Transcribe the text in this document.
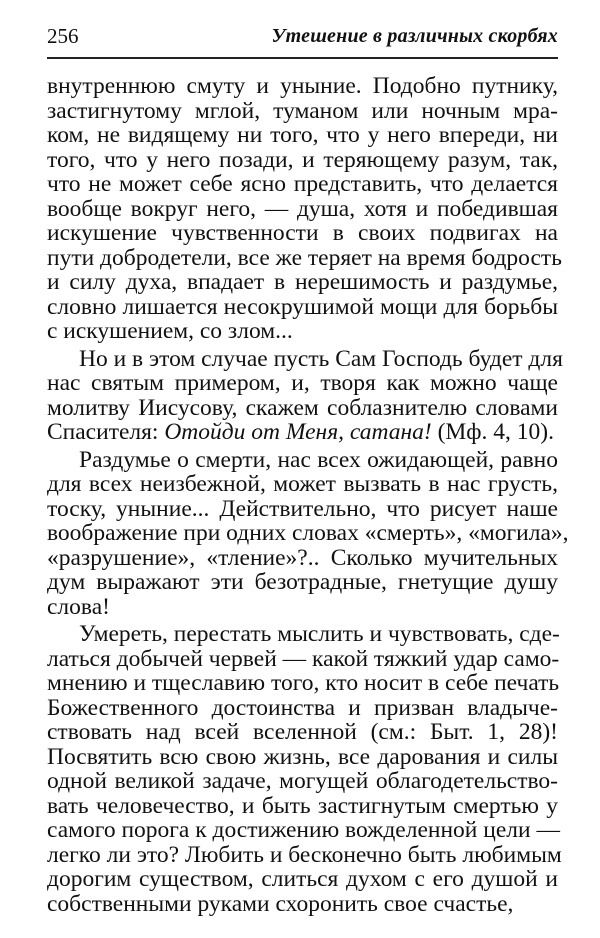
256	Утешение в различных скорбях
внутреннюю смуту и уныние. Подобно путнику,
застигнутому мглой, туманом или ночным мра-
ком, не видящему ни того, что у него впереди, ни
того, что у него позади, и теряющему разум, так,
что не может себе ясно представить, что делается
вообще вокруг него, — душа, хотя и победившая
искушение чувственности в своих подвигах на
пути добродетели, все же теряет на время бодрость
и силу духа, впадает в нерешимость и раздумье,
словно лишается несокрушимой мощи для борьбы
с искушением, со злом...
Но и в этом случае пусть Сам Господь будет для
нас святым примером, и, творя как можно чаще
молитву Иисусову, скажем соблазнителю словами
Спасителя: Отойди от Меня, сатана! (Мф. 4, 10).
Раздумье о смерти, нас всех ожидающей, равно
для всех неизбежной, может вызвать в нас грусть,
тоску, уныние... Действительно, что рисует наше
воображение при одних словах «смерть», «могила»,
«разрушение», «тление»?.. Сколько мучительных
дум выражают эти безотрадные, гнетущие душу
слова!
Умереть, перестать мыслить и чувствовать, сде-
латься добычей червей — какой тяжкий удар само-
мнению и тщеславию того, кто носит в себе печать
Божественного достоинства и призван владыче-
ствовать над всей вселенной (см.: Быт. 1, 28)!
Посвятить всю свою жизнь, все дарования и силы
одной великой задаче, могущей облагодетельство-
вать человечество, и быть застигнутым смертью у
самого порога к достижению вожделенной цели —
легко ли это? Любить и бесконечно быть любимым
дорогим существом, слиться духом с его душой и
собственными руками схоронить свое счастье,
